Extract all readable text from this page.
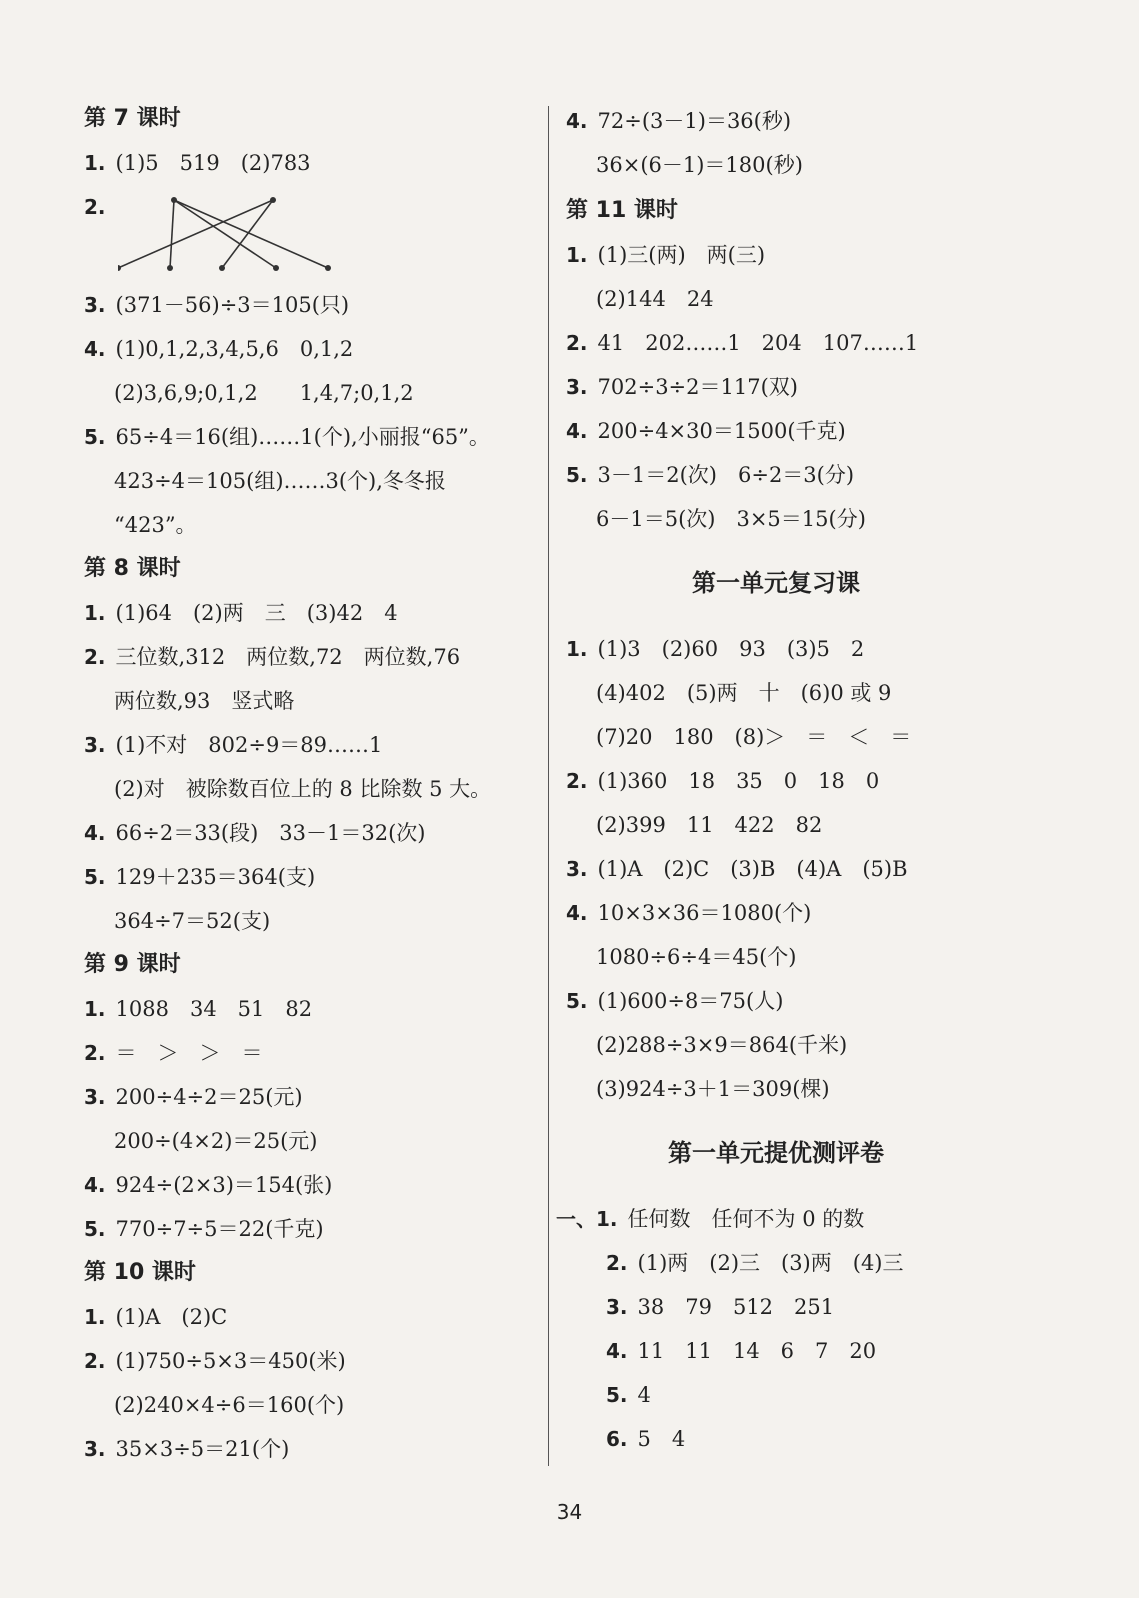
第 7 课时
1. (1)5　519　(2)783
2.
3. (371－56)÷3＝105(只)
4. (1)0,1,2,3,4,5,6　0,1,2
(2)3,6,9;0,1,2　　1,4,7;0,1,2
5. 65÷4＝16(组)……1(个),小丽报“65”。
423÷4＝105(组)……3(个),冬冬报
“423”。
第 8 课时
1. (1)64　(2)两　三　(3)42　4
2. 三位数,312　两位数,72　两位数,76
两位数,93　竖式略
3. (1)不对　802÷9＝89……1
(2)对　被除数百位上的 8 比除数 5 大。
4. 66÷2＝33(段)　33－1＝32(次)
5. 129＋235＝364(支)
364÷7＝52(支)
第 9 课时
1. 1088　34　51　82
2. ＝　＞　＞　＝
3. 200÷4÷2＝25(元)
200÷(4×2)＝25(元)
4. 924÷(2×3)＝154(张)
5. 770÷7÷5＝22(千克)
第 10 课时
1. (1)A　(2)C
2. (1)750÷5×3＝450(米)
(2)240×4÷6＝160(个)
3. 35×3÷5＝21(个)
4. 72÷(3－1)＝36(秒)
36×(6－1)＝180(秒)
第 11 课时
1. (1)三(两)　两(三)
(2)144　24
2. 41　202……1　204　107……1
3. 702÷3÷2＝117(双)
4. 200÷4×30＝1500(千克)
5. 3－1＝2(次)　6÷2＝3(分)
6－1＝5(次)　3×5＝15(分)
第一单元复习课
1. (1)3　(2)60　93　(3)5　2
(4)402　(5)两　十　(6)0 或 9
(7)20　180　(8)＞　＝　＜　＝
2. (1)360　18　35　0　18　0
(2)399　11　422　82
3. (1)A　(2)C　(3)B　(4)A　(5)B
4. 10×3×36＝1080(个)
1080÷6÷4＝45(个)
5. (1)600÷8＝75(人)
(2)288÷3×9＝864(千米)
(3)924÷3＋1＝309(棵)
第一单元提优测评卷
一、1. 任何数　任何不为 0 的数
2. (1)两　(2)三　(3)两　(4)三
3. 38　79　512　251
4. 11　11　14　6　7　20
5. 4
6. 5　4
34
